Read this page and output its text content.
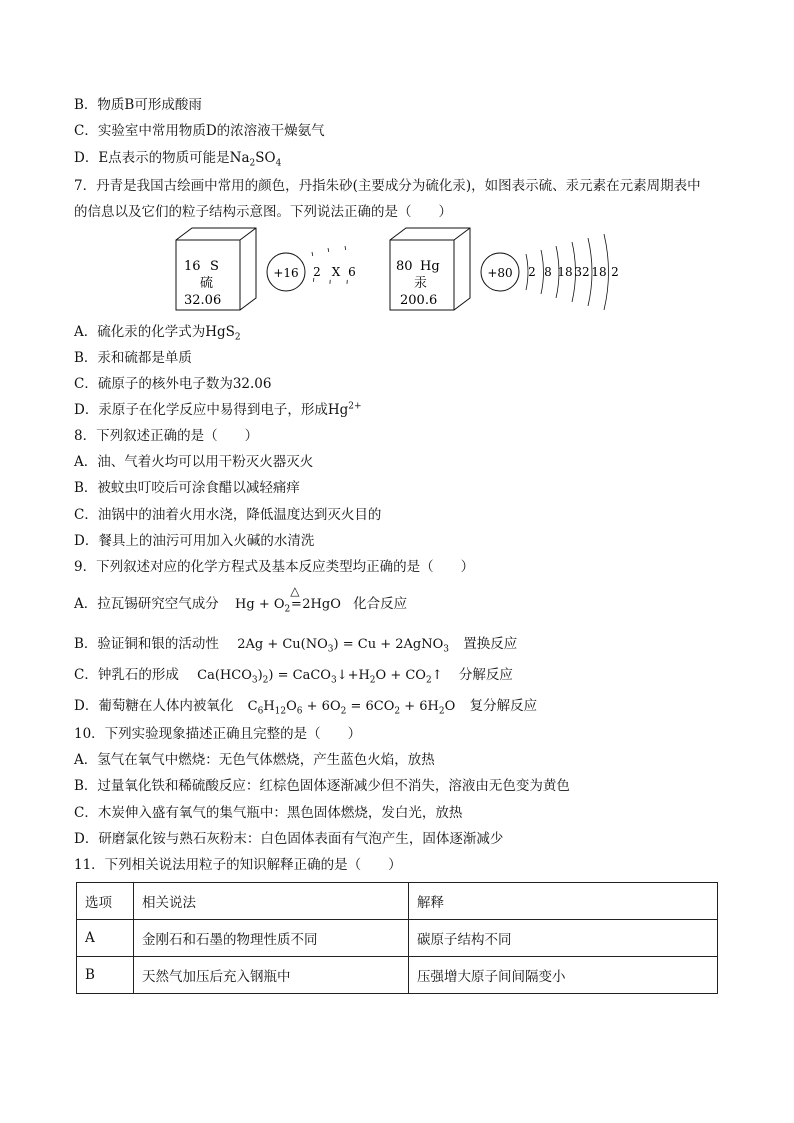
B．物质B可形成酸雨
C．实验室中常用物质D的浓溶液干燥氨气
D．E点表示的物质可能是$Na_2SO_4$
7．丹青是我国古绘画中常用的颜色，丹指朱砂(主要成分为硫化汞)，如图表示硫、汞元素在元素周期表中
的信息以及它们的粒子结构示意图。下列说法正确的是（　　）
16 S
硫
32.06
+16 2 X 6	80 Hg
汞
200.6
+80 2 8 18 32 18 2
A．硫化汞的化学式为HgS$_2$
B．汞和硫都是单质
C．硫原子的核外电子数为32.06
D．汞原子在化学反应中易得到电子，形成$Hg^{2+}$
8．下列叙述正确的是（　　）
A．油、气着火均可以用干粉灭火器灭火
B．被蚊虫叮咬后可涂食醋以减轻痛痒
C．油锅中的油着火用水浇，降低温度达到灭火目的
D．餐具上的油污可用加入火碱的水清洗
9．下列叙述对应的化学方程式及基本反应类型均正确的是（　　）
A．拉瓦锡研究空气成分 $Hg + O_2$
△
=2HgO 化合反应
B．验证铜和银的活动性 $2Ag + Cu(NO_3) = Cu$ + 2AgNO$_3$ 置换反应
C．钟乳石的形成 $Ca(HCO_3)_2$) = $CaCO_3↓+H_2O$ + $CO_2↑$ 分解反应
D．葡萄糖在人体内被氧化 $C_6H_{12}O_6 + 6O_2 = 6CO_2 + 6H_2O$ 复分解反应
10．下列实验现象描述正确且完整的是（　　）
A．氢气在氧气中燃烧：无色气体燃烧，产生蓝色火焰，放热
B．过量氧化铁和稀硫酸反应：红棕色固体逐渐减少但不消失，溶液由无色变为黄色
C．木炭伸入盛有氧气的集气瓶中：黑色固体燃烧，发白光，放热
D．研磨氯化铵与熟石灰粉末：白色固体表面有气泡产生，固体逐渐减少
11．下列相关说法用粒子的知识解释正确的是（　　）
选项	相关说法	解释
A	金刚石和石墨的物理性质不同	碳原子结构不同
B	天然气加压后充入钢瓶中	压强增大原子间间隔变小
